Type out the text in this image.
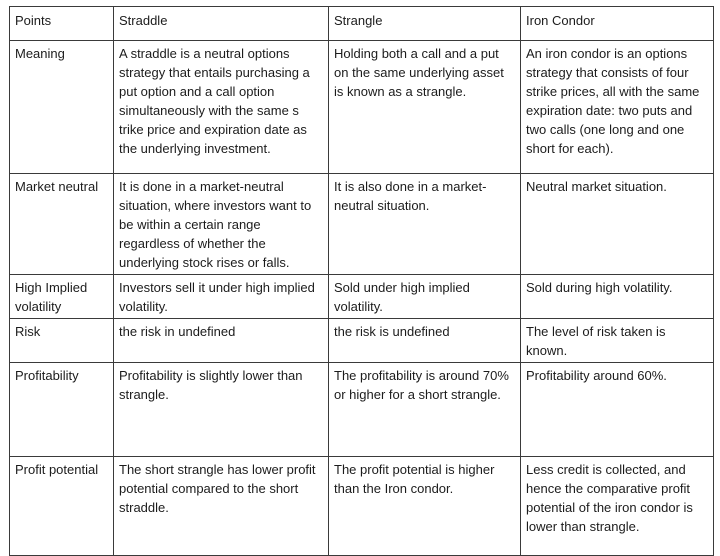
Points	Straddle	Strangle	Iron Condor
Meaning	A straddle is a neutral options strategy that entails purchasing a put option and a call option simultaneously with the same s trike price and expiration date as the underlying investment.	Holding both a call and a put on the same underlying asset is known as a strangle.	An iron condor is an options strategy that consists of four strike prices, all with the same expiration date: two puts and two calls (one long and one short for each).
Market neutral	It is done in a market-neutral situation, where investors want to be within a certain range regardless of whether the underlying stock rises or falls.	It is also done in a market-neutral situation.	Neutral market situation.
High Implied volatility	Investors sell it under high implied volatility.	Sold under high implied volatility.	Sold during high volatility.
Risk	the risk in undefined	the risk is undefined	The level of risk taken is known.
Profitability	Profitability is slightly lower than strangle.	The profitability is around 70% or higher for a short strangle.	Profitability around 60%.
Profit potential	The short strangle has lower profit potential compared to the short straddle.	The profit potential is higher than the Iron condor.	Less credit is collected, and hence the comparative profit potential of the iron condor is lower than strangle.
